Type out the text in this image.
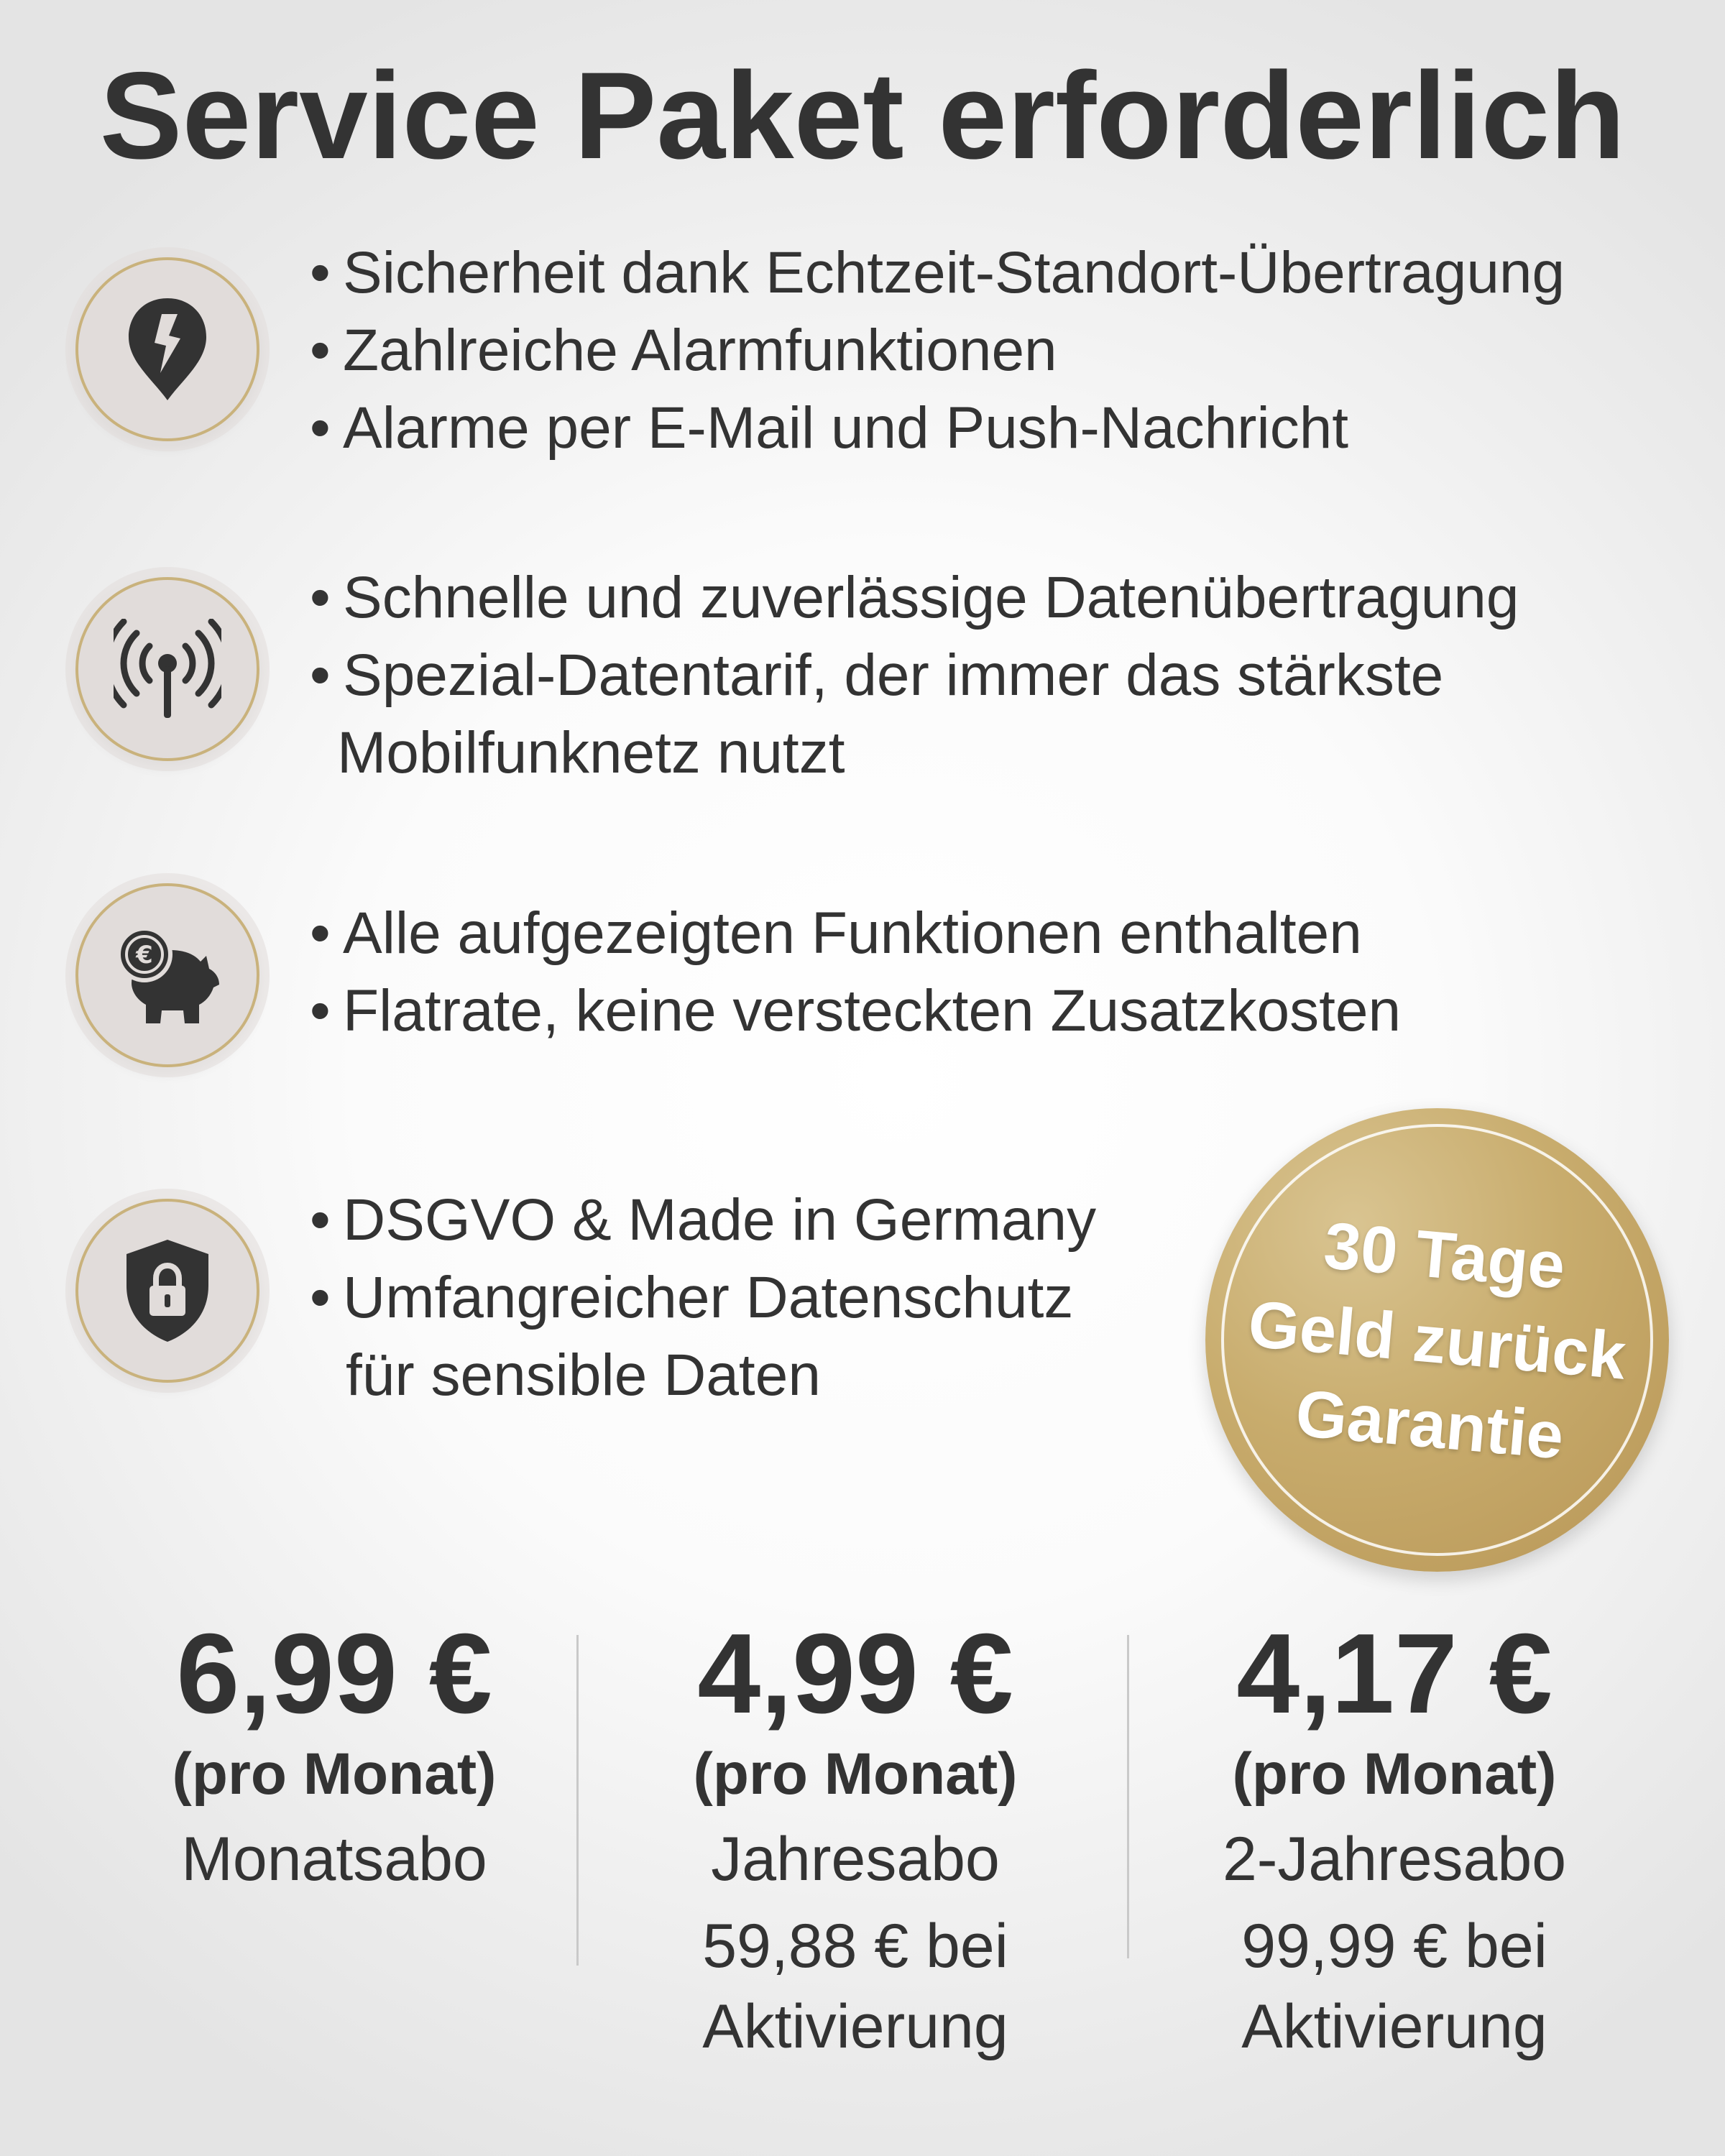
Service Paket erforderlich
• Sicherheit dank Echtzeit-Standort-Übertragung
• Zahlreiche Alarmfunktionen
• Alarme per E-Mail und Push-Nachricht
• Schnelle und zuverlässige Datenübertragung
• Spezial-Datentarif, der immer das stärkste
Mobilfunknetz nutzt
€	• Alle aufgezeigten Funktionen enthalten
• Flatrate, keine versteckten Zusatzkosten
• DSGVO & Made in Germany
• Umfangreicher Datenschutz
für sensible Daten
30 Tage
Geld zurück
Garantie
6,99 €
(pro Monat)
Monatsabo
4,99 €
(pro Monat)
Jahresabo
59,88 € bei
Aktivierung
4,17 €
(pro Monat)
2-Jahresabo
99,99 € bei
Aktivierung
